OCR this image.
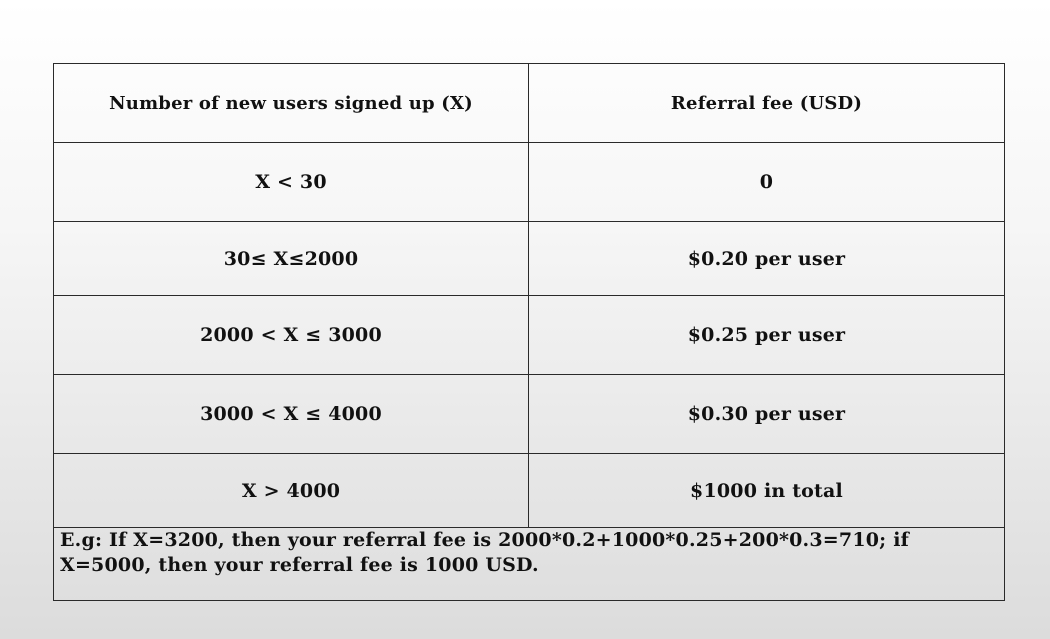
Number of new users signed up (X)	Referral fee (USD)
X < 30	0
30≤ X≤2000	$0.20 per user
2000 < X ≤ 3000	$0.25 per user
3000 < X ≤ 4000	$0.30 per user
X > 4000	$1000 in total

E.g: If X=3200, then your referral fee is 2000*0.2+1000*0.25+200*0.3=710; if X=5000, then your referral fee is 1000 USD.	
